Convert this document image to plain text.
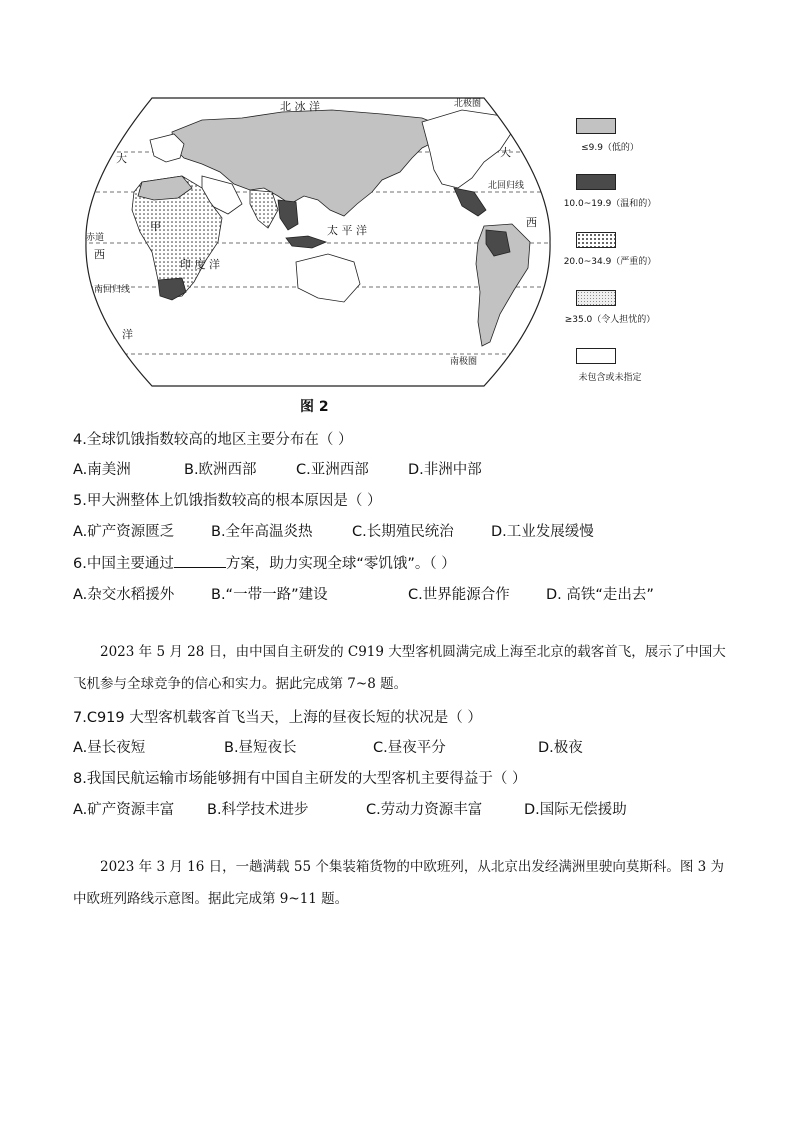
北 冰 洋
太 平 洋
印 度 洋
大
西
洋
大
西
北极圈
北回归线
赤道
南回归线
南极圈
甲
≤9.9（低的）
10.0~19.9（温和的）
20.0~34.9（严重的）
≥35.0（令人担忧的）
未包含或未指定
图 2
4.全球饥饿指数较高的地区主要分布在（ ）
A.南美洲	B.欧洲西部	C.亚洲西部	D.非洲中部
5.甲大洲整体上饥饿指数较高的根本原因是（ ）
A.矿产资源匮乏	B.全年高温炎热	C.长期殖民统治	D.工业发展缓慢
6.中国主要通过	方案，助力实现全球“零饥饿”。（ ）
A.杂交水稻援外	B.“一带一路”建设	C.世界能源合作	D. 高铁“走出去”
2023 年 5 月 28 日，由中国自主研发的 C919 大型客机圆满完成上海至北京的载客首飞，展示了中国大飞机参与全球竞争的信心和实力。据此完成第 7~8 题。
7.C919 大型客机载客首飞当天，上海的昼夜长短的状况是（ ）
A.昼长夜短	B.昼短夜长	C.昼夜平分	D.极夜
8.我国民航运输市场能够拥有中国自主研发的大型客机主要得益于（ ）
A.矿产资源丰富 B.科学技术进步	C.劳动力资源丰富	D.国际无偿援助
2023 年 3 月 16 日，一趟满载 55 个集装箱货物的中欧班列，从北京出发经满洲里驶向莫斯科。图 3 为中欧班列路线示意图。据此完成第 9~11 题。
